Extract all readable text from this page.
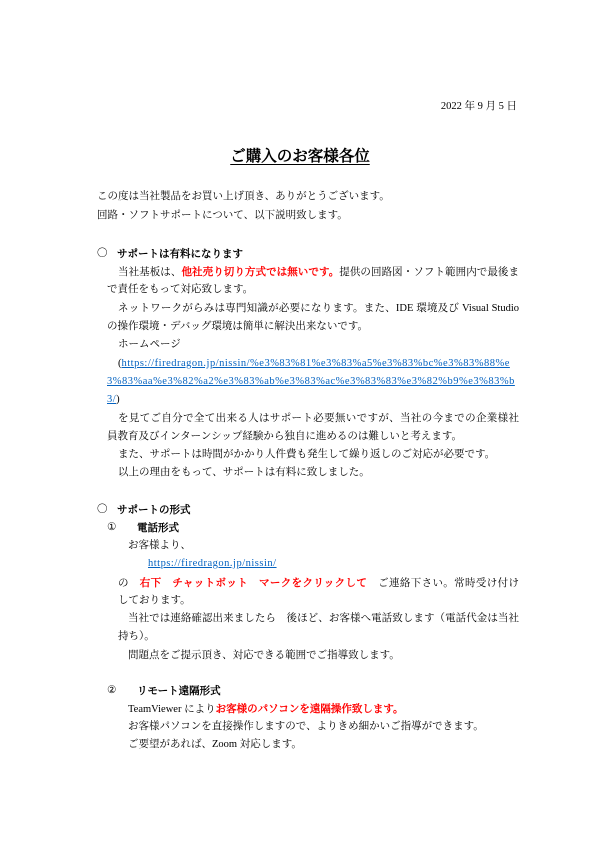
2022 年 9 月 5 日
ご購入のお客様各位
この度は当社製品をお買い上げ頂き、ありがとうございます。
回路・ソフトサポートについて、以下説明致します。
〇 サポートは有料になります
当社基板は、他社売り切り方式では無いです。提供の回路図・ソフト範囲内で最後ま
で責任をもって対応致します。
ネットワークがらみは専門知識が必要になります。また、IDE 環境及び Visual Studio
の操作環境・デバッグ環境は簡単に解決出来ないです。
ホームページ
(https://firedragon.jp/nissin/%e3%83%81%e3%83%a5%e3%83%bc%e3%83%88%e
3%83%aa%e3%82%a2%e3%83%ab%e3%83%ac%e3%83%83%e3%82%b9%e3%83%b
3/)
を見てご自分で全て出来る人はサポート必要無いですが、当社の今までの企業様社
員教育及びインターンシップ経験から独自に進めるのは難しいと考えます。
また、サポートは時間がかかり人件費も発生して繰り返しのご対応が必要です。
以上の理由をもって、サポートは有料に致しました。
〇 サポートの形式
①	電話形式
お客様より、
https://firedragon.jp/nissin/
の　右下　チャットボット　マークをクリックして　ご連絡下さい。常時受け付け
しております。
当社では連絡確認出来ましたら　後ほど、お客様へ電話致します（電話代金は当社
持ち）。
問題点をご提示頂き、対応できる範囲でご指導致します。
②	リモート遠隔形式
TeamViewer によりお客様のパソコンを遠隔操作致します。
お客様パソコンを直接操作しますので、よりきめ細かいご指導ができます。
ご要望があれば、Zoom 対応します。
